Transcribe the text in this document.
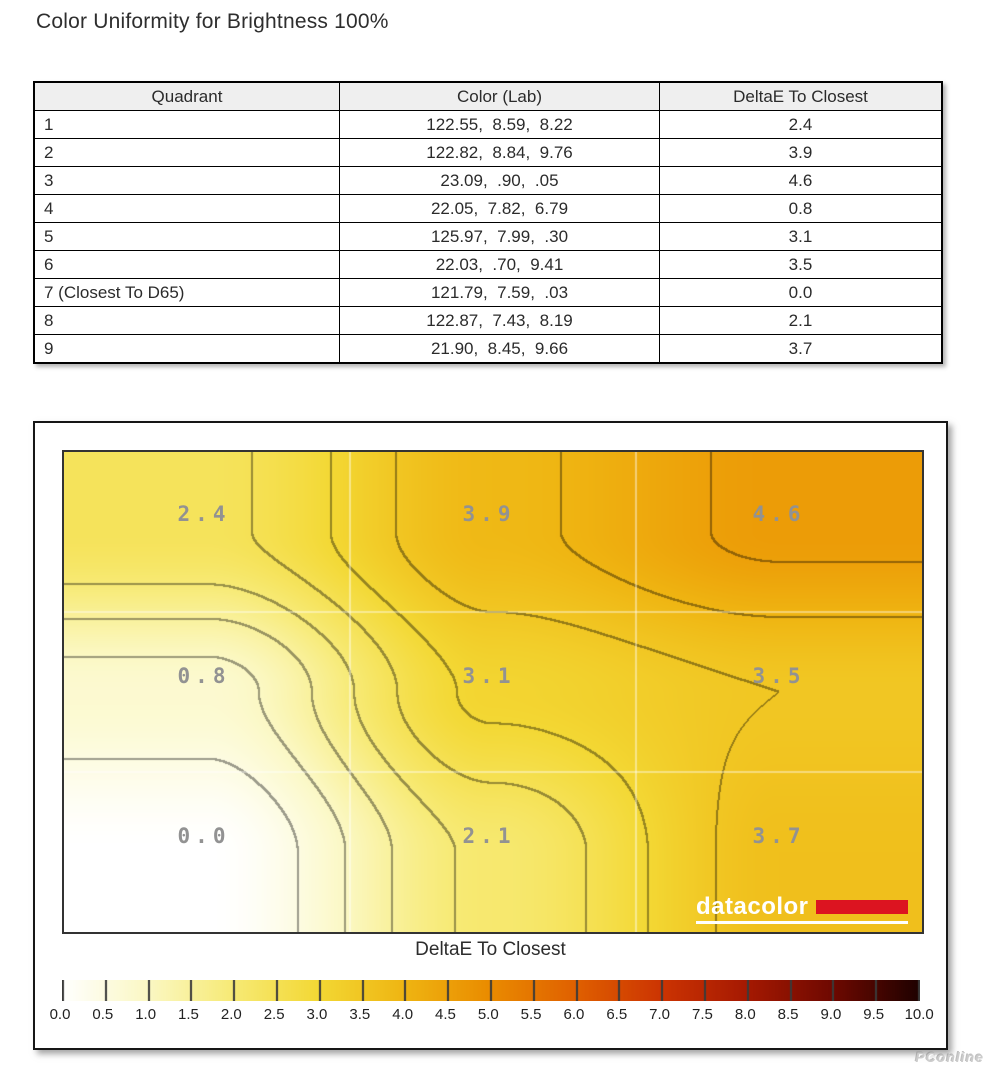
Color Uniformity for Brightness 100%
Quadrant	Color (Lab)	DeltaE To Closest
1	122.55,  8.59,  8.22	2.4
2	122.82,  8.84,  9.76	3.9
3	23.09,  .90,  .05	4.6
4	22.05,  7.82,  6.79	0.8
5	125.97,  7.99,  .30	3.1
6	22.03,  .70,  9.41	3.5
7 (Closest To D65)	121.79,  7.59,  .03	0.0
8	122.87,  7.43,  8.19	2.1
9	21.90,  8.45,  9.66	3.7
2.4	3.9	4.6
0.8	3.1	3.5
0.0	2.1	3.7
datacolor
DeltaE To Closest
0.0 0.5 1.0 1.5 2.0 2.5 3.0 3.5 4.0 4.5 5.0 5.5 6.0 6.5 7.0 7.5 8.0 8.5 9.0 9.5 10.0
PConline
